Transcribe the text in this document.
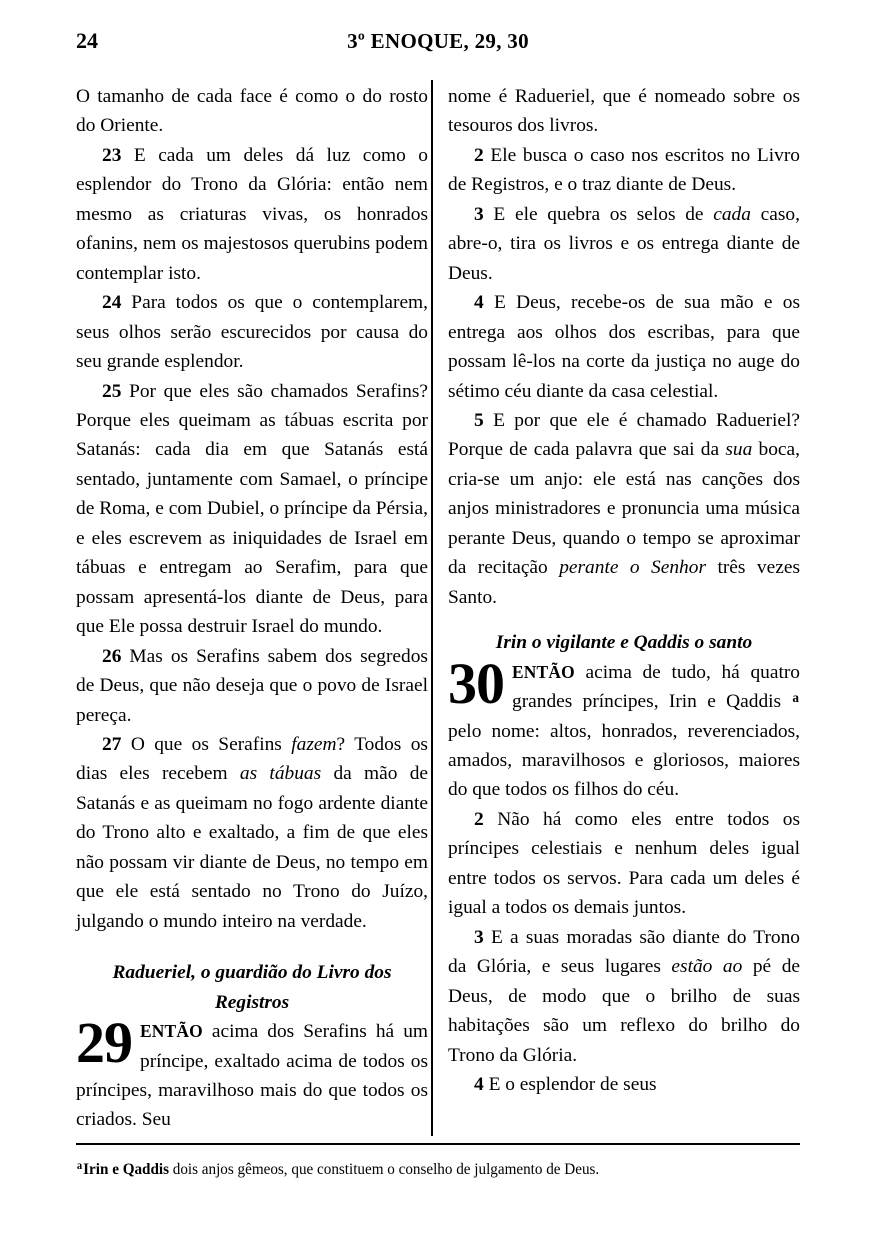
24	3º ENOQUE, 29, 30

O tamanho de cada face é como o do rosto do Oriente.

23 E cada um deles dá luz como o esplendor do Trono da Glória: então nem mesmo as criaturas vivas, os honrados ofanins, nem os majestosos querubins podem contemplar isto.

24 Para todos os que o contemplarem, seus olhos serão escurecidos por causa do seu grande esplendor.

25 Por que eles são chamados Serafins? Porque eles queimam as tábuas escrita por Satanás: cada dia em que Satanás está sentado, juntamente com Samael, o príncipe de Roma, e com Dubiel, o príncipe da Pérsia, e eles escrevem as iniquidades de Israel em tábuas e entregam ao Serafim, para que possam apresentá-los diante de Deus, para que Ele possa destruir Israel do mundo.

26 Mas os Serafins sabem dos segredos de Deus, que não deseja que o povo de Israel pereça.

27 O que os Serafins fazem? Todos os dias eles recebem as tábuas da mão de Satanás e as queimam no fogo ardente diante do Trono alto e exaltado, a fim de que eles não possam vir diante de Deus, no tempo em que ele está sentado no Trono do Juízo, julgando o mundo inteiro na verdade.

Radueriel, o guardião do Livro dos Registros

29 ENTÃO acima dos Serafins há um príncipe, exaltado acima de todos os príncipes, maravilhoso mais do que todos os criados. Seu

nome é Radueriel, que é nomeado sobre os tesouros dos livros.

2 Ele busca o caso nos escritos no Livro de Registros, e o traz diante de Deus.

3 E ele quebra os selos de cada caso, abre-o, tira os livros e os entrega diante de Deus.

4 E Deus, recebe-os de sua mão e os entrega aos olhos dos escribas, para que possam lê-los na corte da justiça no auge do sétimo céu diante da casa celestial.

5 E por que ele é chamado Radueriel? Porque de cada palavra que sai da sua boca, cria-se um anjo: ele está nas canções dos anjos ministradores e pronuncia uma música perante Deus, quando o tempo se aproximar da recitação perante o Senhor três vezes Santo.

Irin o vigilante e Qaddis o santo

30 ENTÃO acima de tudo, há quatro grandes príncipes, Irin e Qaddis $^a$ pelo nome: altos, honrados, reverenciados, amados, maravilhosos e gloriosos, maiores do que todos os filhos do céu.

2 Não há como eles entre todos os príncipes celestiais e nenhum deles igual entre todos os servos. Para cada um deles é igual a todos os demais juntos.

3 E a suas moradas são diante do Trono da Glória, e seus lugares estão ao pé de Deus, de modo que o brilho de suas habitações são um reflexo do brilho do Trono da Glória.

4 E o esplendor de seus

$^a$Irin e Qaddis dois anjos gêmeos, que constituem o conselho de julgamento de Deus.
